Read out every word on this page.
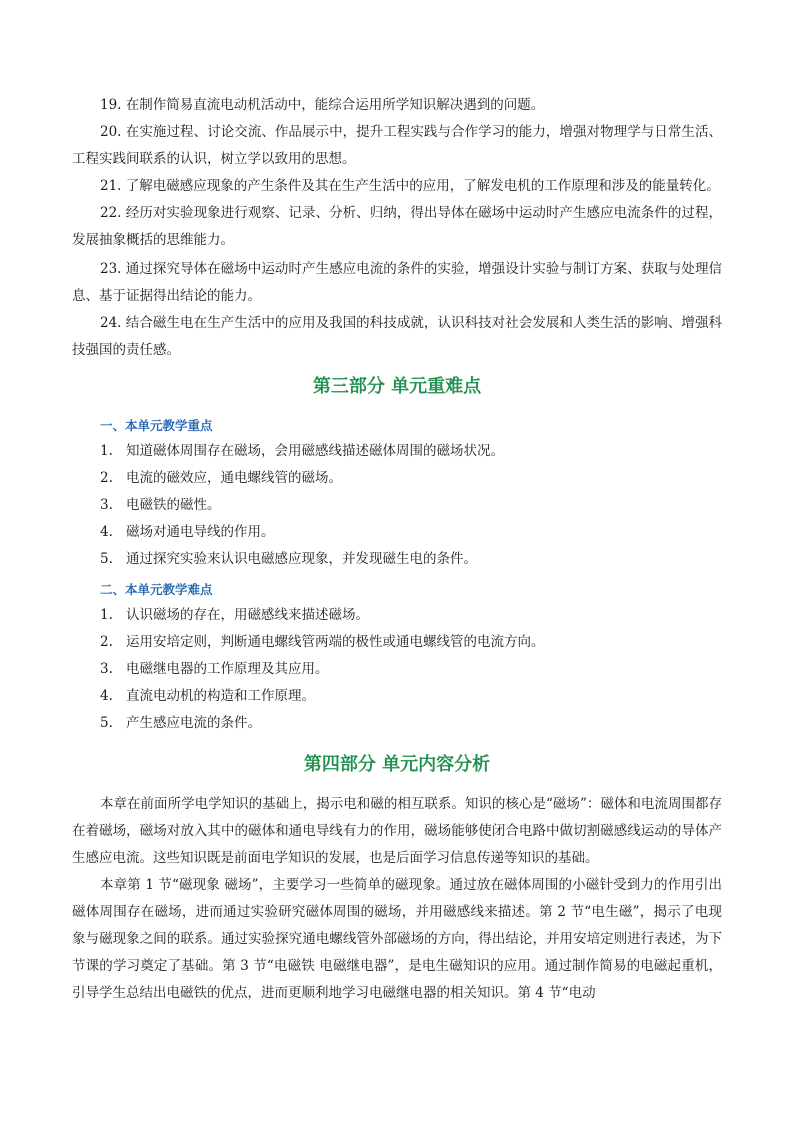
19. 在制作简易直流电动机活动中，能综合运用所学知识解决遇到的问题。

20. 在实施过程、讨论交流、作品展示中，提升工程实践与合作学习的能力，增强对物理学与日常生活、工程实践间联系的认识，树立学以致用的思想。

21. 了解电磁感应现象的产生条件及其在生产生活中的应用，了解发电机的工作原理和涉及的能量转化。

22. 经历对实验现象进行观察、记录、分析、归纳，得出导体在磁场中运动时产生感应电流条件的过程，发展抽象概括的思维能力。

23. 通过探究导体在磁场中运动时产生感应电流的条件的实验，增强设计实验与制订方案、获取与处理信息、基于证据得出结论的能力。

24. 结合磁生电在生产生活中的应用及我国的科技成就，认识科技对社会发展和人类生活的影响、增强科技强国的责任感。

第三部分 单元重难点
一、本单元教学重点
1. 知道磁体周围存在磁场，会用磁感线描述磁体周围的磁场状况。
2. 电流的磁效应，通电螺线管的磁场。
3. 电磁铁的磁性。
4. 磁场对通电导线的作用。
5. 通过探究实验来认识电磁感应现象，并发现磁生电的条件。
二、本单元教学难点
1. 认识磁场的存在，用磁感线来描述磁场。
2. 运用安培定则，判断通电螺线管两端的极性或通电螺线管的电流方向。
3. 电磁继电器的工作原理及其应用。
4. 直流电动机的构造和工作原理。
5. 产生感应电流的条件。
第四部分 单元内容分析

本章在前面所学电学知识的基础上，揭示电和磁的相互联系。知识的核心是“磁场”：磁体和电流周围都存在着磁场，磁场对放入其中的磁体和通电导线有力的作用，磁场能够使闭合电路中做切割磁感线运动的导体产生感应电流。这些知识既是前面电学知识的发展，也是后面学习信息传递等知识的基础。

本章第 1 节“磁现象 磁场”，主要学习一些简单的磁现象。通过放在磁体周围的小磁针受到力的作用引出磁体周围存在磁场，进而通过实验研究磁体周围的磁场，并用磁感线来描述。第 2 节“电生磁”，揭示了电现象与磁现象之间的联系。通过实验探究通电螺线管外部磁场的方向，得出结论，并用安培定则进行表述，为下节课的学习奠定了基础。第 3 节“电磁铁 电磁继电器”，是电生磁知识的应用。通过制作简易的电磁起重机，引导学生总结出电磁铁的优点，进而更顺利地学习电磁继电器的相关知识。第 4 节“电动
